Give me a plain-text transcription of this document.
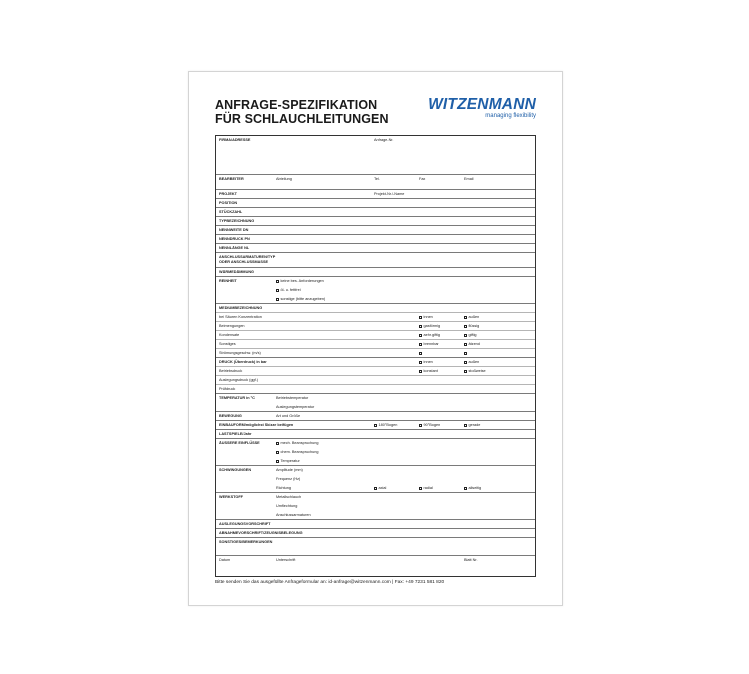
ANFRAGE-SPEZIFIKATION
FÜR SCHLAUCHLEITUNGEN
WITZENMANN
managing flexibility
FIRMA/ADRESSE	Anfrage-Nr.
BEARBEITER	Abteilung	Tel.	Fax	Email
PROJEKT	Projekt-Nr./-Name
POSITION
STÜCKZAHL
TYPBEZEICHNUNG
NENNWEITE DN
NENNDRUCK PN
NENNLÄNGE NL
ANSCHLUSSARMATUREN/TYP
ODER ANSCHLUSSMASSE
WÄRMEDÄMMUNG
REINHEIT	keine bes. Anforderungen
öl- u. fettfrei
sonstige (bitte anzugeben)
MEDIUMBEZEICHNUNG
bei Säuren Konzentration	innen	außen
Beimengungen	gasförmig	flüssig
Kondensate	aehr.giftig	giftig
Sonstiges	brennbar	ätzend
Strömungsgeschw. (m/s)
DRUCK (Überdruck) in bar	innen	außen
Betriebsdruck	konstant	stoßweise
Auslegungsdruck (ggf.)
Prüfdruck
TEMPERATUR in °C	Betriebstemperatur
Auslegungstemperatur
BEWEGUNG	Art und Größe
EINBAUFORM/möglichst Skizze beifügen	180°Bogen	90°Bogen	gerade
LASTSPIELE/Jahr
ÄUSSERE EINFLÜSSE	mech. Beanspruchung
chem. Beanspruchung
Temperatur
SCHWINGUNGEN	Amplitude (mm)
Frequenz (Hz)
Richtung	axial	radial	allseitig
WERKSTOFF	Metallschlauch
Umflechtung
Anschlussarmaturen
AUSLEGUNGSVORSCHRIFT
ABNAHMEVORSCHRIFT/ZEUGNISBELEGUNG
SONSTIGES/BEMERKUNGEN
Datum	Unterschrift	Blatt Nr.
Bitte senden Sie das ausgefüllte Anfrageformular an: id-anfrage@witzenmann.com | Fax: +49 7231 581 820
